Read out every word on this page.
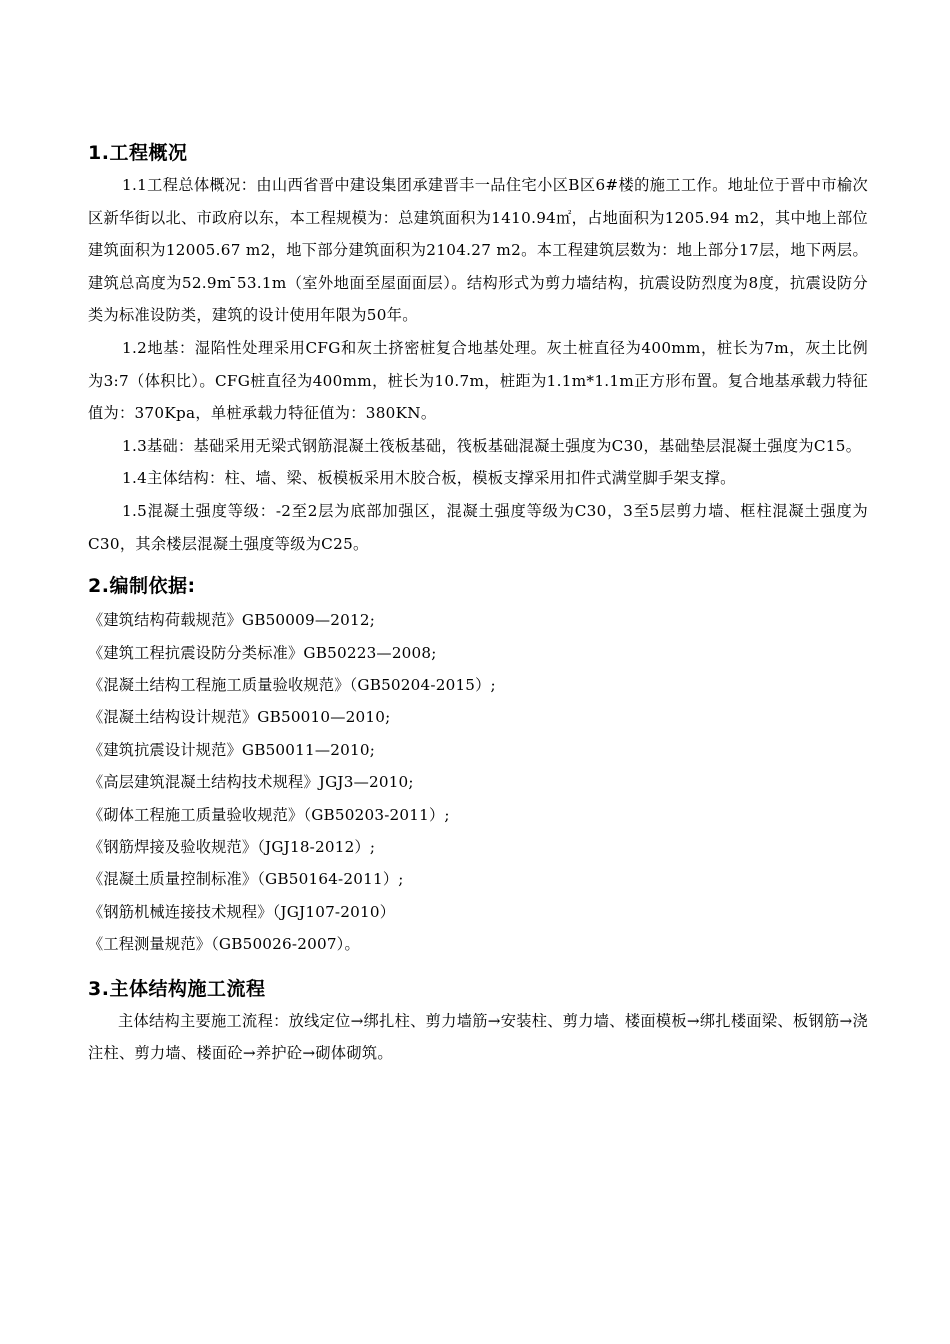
1.工程概况

1.1工程总体概况：由山西省晋中建设集团承建晋丰一品住宅小区B区6#楼的施工工作。地址位于晋中市榆次区新华街以北、市政府以东，本工程规模为：总建筑面积为1410.94㎡，占地面积为1205.94 m2，其中地上部位建筑面积为12005.67 m2，地下部分建筑面积为2104.27 m2。本工程建筑层数为：地上部分17层，地下两层。建筑总高度为52.9m ̄53.1m（室外地面至屋面面层）。结构形式为剪力墙结构，抗震设防烈度为8度，抗震设防分类为标准设防类，建筑的设计使用年限为50年。

1.2地基：湿陷性处理采用CFG和灰土挤密桩复合地基处理。灰土桩直径为400mm，桩长为7m，灰土比例为3:7（体积比）。CFG桩直径为400mm，桩长为10.7m，桩距为1.1m*1.1m正方形布置。复合地基承载力特征值为：370Kpa，单桩承载力特征值为：380KN。

1.3基础：基础采用无梁式钢筋混凝土筏板基础，筏板基础混凝土强度为C30，基础垫层混凝土强度为C15。

1.4主体结构：柱、墙、梁、板模板采用木胶合板，模板支撑采用扣件式满堂脚手架支撑。

1.5混凝土强度等级：-2至2层为底部加强区，混凝土强度等级为C30，3至5层剪力墙、框柱混凝土强度为C30，其余楼层混凝土强度等级为C25。

2.编制依据:

《建筑结构荷载规范》GB50009—2012;

《建筑工程抗震设防分类标准》GB50223—2008;

《混凝土结构工程施工质量验收规范》（GB50204-2015）;

《混凝土结构设计规范》GB50010—2010;

《建筑抗震设计规范》GB50011—2010;

《高层建筑混凝土结构技术规程》JGJ3—2010;

《砌体工程施工质量验收规范》（GB50203-2011）;

《钢筋焊接及验收规范》（JGJ18-2012）;

《混凝土质量控制标准》（GB50164-2011）;

《钢筋机械连接技术规程》（JGJ107-2010）

《工程测量规范》（GB50026-2007）。

3.主体结构施工流程

主体结构主要施工流程：放线定位→绑扎柱、剪力墙筋→安装柱、剪力墙、楼面模板→绑扎楼面梁、板钢筋→浇注柱、剪力墙、楼面砼→养护砼→砌体砌筑。
